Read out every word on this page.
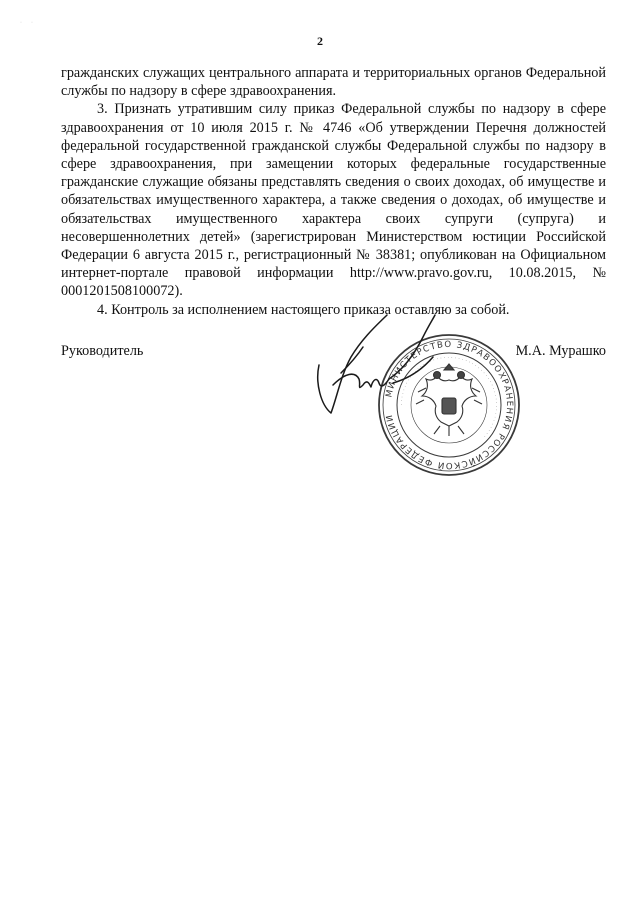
·      ·
2

гражданских служащих центрального аппарата и территориальных органов Федеральной службы по надзору в сфере здравоохранения.

3. Признать утратившим силу приказ Федеральной службы по надзору в сфере здравоохранения от 10 июля 2015 г. № 4746 «Об утверждении Перечня должностей федеральной государственной гражданской службы Федеральной службы по надзору в сфере здравоохранения, при замещении которых федеральные государственные гражданские служащие обязаны представлять сведения о своих доходах, об имуществе и обязательствах имущественного характера, а также сведения о доходах, об имуществе и обязательствах имущественного характера своих супруги (супруга) и несовершеннолетних детей» (зарегистрирован Министерством юстиции Российской Федерации 6 августа 2015 г., регистрационный № 38381; опубликован на Официальном интернет-портале правовой информации http://www.pravo.gov.ru, 10.08.2015, № 0001201508100072).

4. Контроль за исполнением настоящего приказа оставляю за собой.

Руководитель	М.А. Мурашко
МИНИСТЕРСТВО ЗДРАВООХРАНЕНИЯ РОССИЙСКОЙ ФЕДЕРАЦИИ
· · · · · · · · · · · · · · · · · · · · · · · · · · · · · · · · · · · · · · · · · · · · · · · · · · ·
